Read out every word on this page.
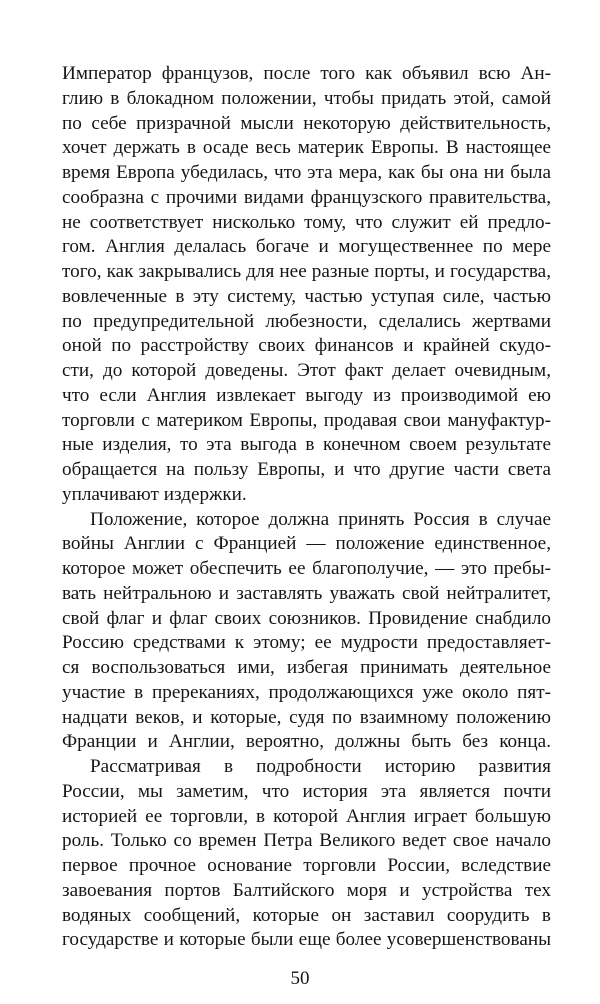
Император французов, после того как объявил всю Ан-
глию в блокадном положении, чтобы придать этой, самой
по себе призрачной мысли некоторую действительность,
хочет держать в осаде весь материк Европы. В настоящее
время Европа убедилась, что эта мера, как бы она ни была
сообразна с прочими видами французского правительства,
не соответствует нисколько тому, что служит ей предло-
гом. Англия делалась богаче и могущественнее по мере
того, как закрывались для нее разные порты, и государства,
вовлеченные в эту систему, частью уступая силе, частью
по предупредительной любезности, сделались жертвами
оной по расстройству своих финансов и крайней скудо-
сти, до которой доведены. Этот факт делает очевидным,
что если Англия извлекает выгоду из производимой ею
торговли с материком Европы, продавая свои мануфактур-
ные изделия, то эта выгода в конечном своем результате
обращается на пользу Европы, и что другие части света
уплачивают издержки.
Положение, которое должна принять Россия в случае
войны Англии с Францией — положение единственное,
которое может обеспечить ее благополучие, — это пребы-
вать нейтральною и заставлять уважать свой нейтралитет,
свой флаг и флаг своих союзников. Провидение снабдило
Россию средствами к этому; ее мудрости предоставляет-
ся воспользоваться ими, избегая принимать деятельное
участие в пререканиях, продолжающихся уже около пят-
надцати веков, и которые, судя по взаимному положению
Франции и Англии, вероятно, должны быть без конца.
Рассматривая в подробности историю развития
России, мы заметим, что история эта является почти
историей ее торговли, в которой Англия играет большую
роль. Только со времен Петра Великого ведет свое начало
первое прочное основание торговли России, вследствие
завоевания портов Балтийского моря и устройства тех
водяных сообщений, которые он заставил соорудить в
государстве и которые были еще более усовершенствованы
50
